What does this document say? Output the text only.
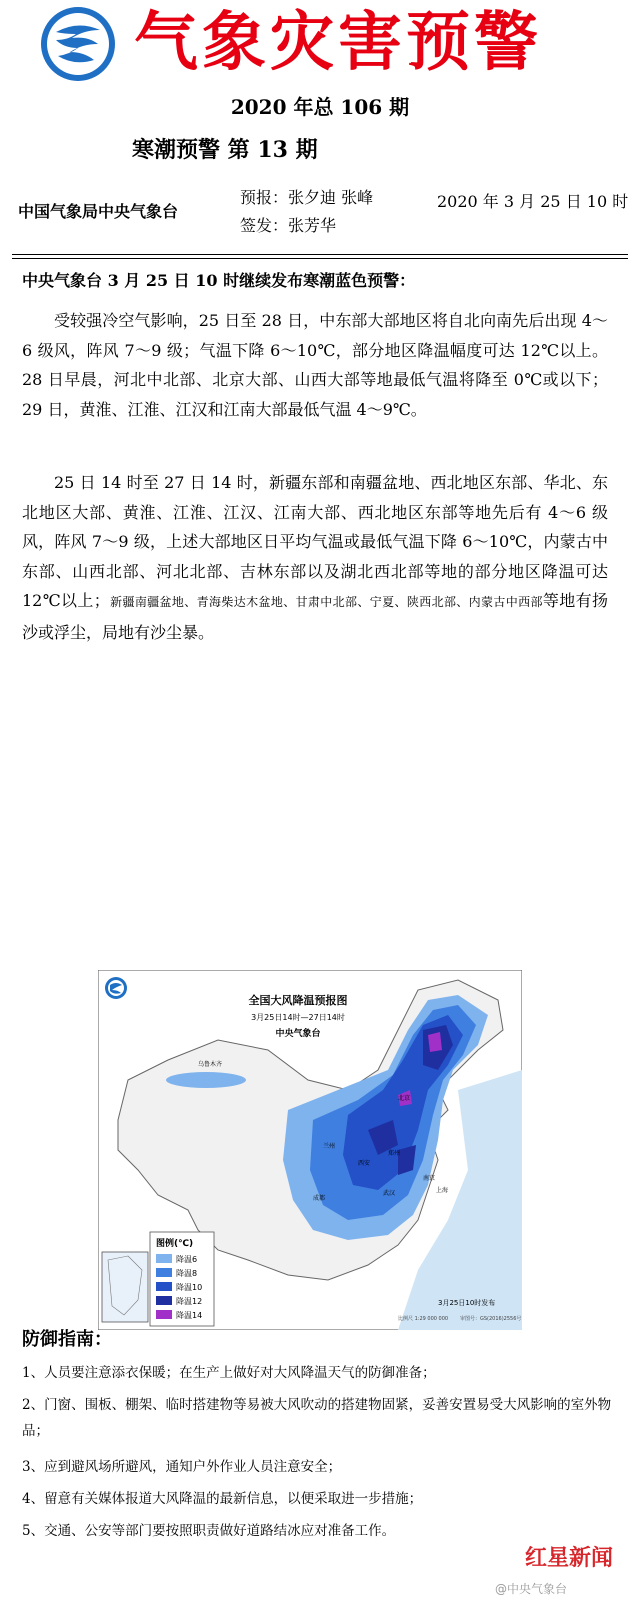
气象灾害预警
2020 年总 106 期
寒潮预警 第 13 期
中国气象局中央气象台
预报：张夕迪 张峰
签发：张芳华
2020 年 3 月 25 日 10 时
中央气象台 3 月 25 日 10 时继续发布寒潮蓝色预警：
受较强冷空气影响，25 日至 28 日，中东部大部地区将自北向南先后出现 4～6 级风，阵风 7～9 级；气温下降 6～10℃，部分地区降温幅度可达 12℃以上。28 日早晨，河北中北部、北京大部、山西大部等地最低气温将降至 0℃或以下；29 日，黄淮、江淮、江汉和江南大部最低气温 4～9℃。
25 日 14 时至 27 日 14 时，新疆东部和南疆盆地、西北地区东部、华北、东北地区大部、黄淮、江淮、江汉、江南大部、西北地区东部等地先后有 4～6 级风，阵风 7～9 级，上述大部地区日平均气温或最低气温下降 6～10℃，内蒙古中东部、山西北部、河北北部、吉林东部以及湖北西北部等地的部分地区降温可达 12℃以上；新疆南疆盆地、青海柴达木盆地、甘肃中北部、宁夏、陕西北部、内蒙古中西部等地有扬沙或浮尘，局地有沙尘暴。
全国大风降温预报图
3月25日14时—27日14时
中央气象台
乌鲁木齐
北京
兰州
西安
郑州
成都
武汉
南京
上海
图例(℃)
降温6
降温8
降温10
降温12
降温14
3月25日10时发布
比例尺 1:29 000 000 审图号：GS(2016)2556号
防御指南：
1、人员要注意添衣保暖；在生产上做好对大风降温天气的防御准备；
2、门窗、围板、棚架、临时搭建物等易被大风吹动的搭建物固紧，妥善安置易受大风影响的室外物品；
3、应到避风场所避风，通知户外作业人员注意安全；
4、留意有关媒体报道大风降温的最新信息，以便采取进一步措施；
5、交通、公安等部门要按照职责做好道路结冰应对准备工作。
红星新闻
@中央气象台
